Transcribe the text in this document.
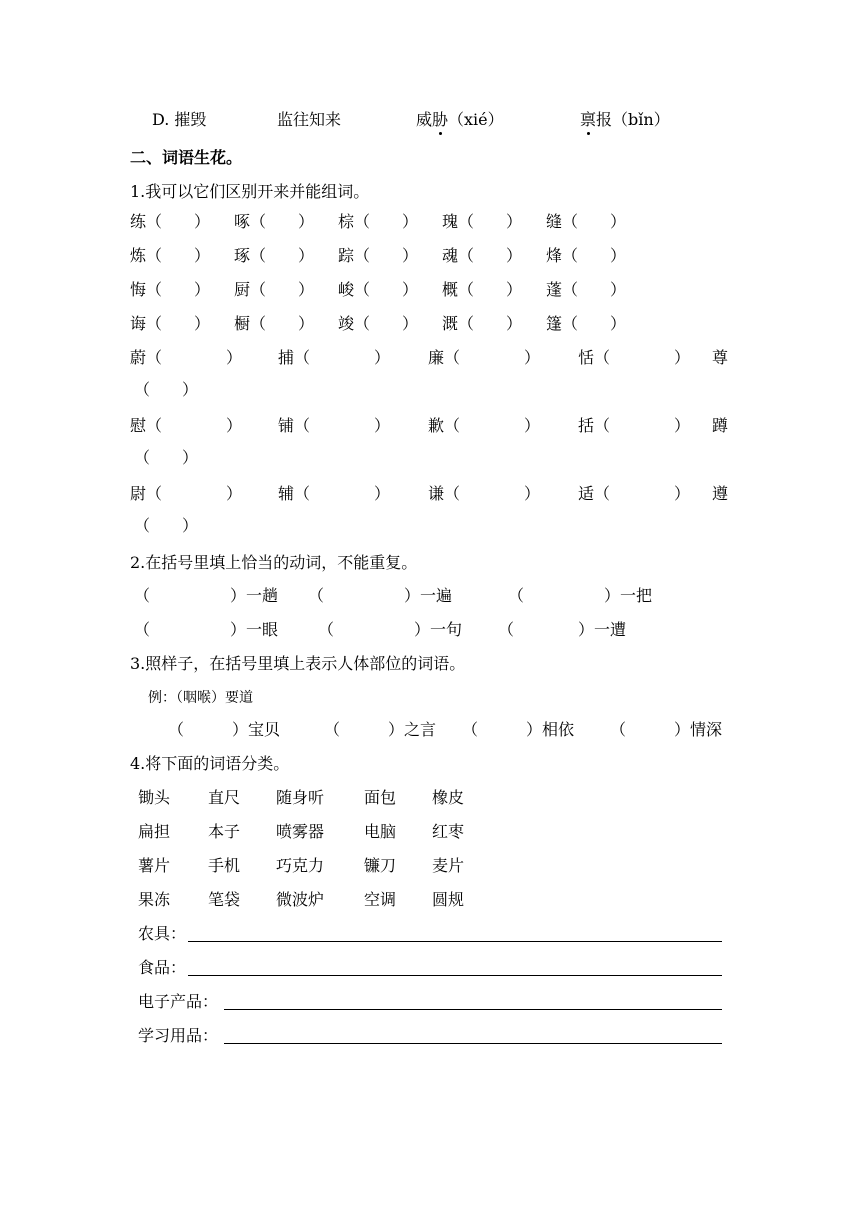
D. 摧毁	监往知来	威胁（xié）	禀报（bǐn）
二、词语生花。
1.我可以它们区别开来并能组词。
练（　　） 啄（　　） 棕（　　） 瑰（　　） 缝（　　）
炼（　　） 琢（　　） 踪（　　） 魂（　　） 烽（　　）
悔（　　） 厨（　　） 峻（　　） 概（　　） 蓬（　　）
诲（　　） 橱（　　） 竣（　　） 溉（　　） 篷（　　）
蔚（　　　　） 捕（　　　　） 廉（　　　　） 恬（　　　　） 尊
（　　）
慰（　　　　） 铺（　　　　） 歉（　　　　） 括（　　　　） 蹲
（　　）
尉（　　　　） 辅（　　　　） 谦（　　　　） 适（　　　　） 遵
（　　）
2.在括号里填上恰当的动词，不能重复。
（　　　　　）一趟 （　　　　　）一遍	（　　　　　）一把
（　　　　　）一眼 （　　　　　）一句 （　　　　）一遭
3.照样子，在括号里填上表示人体部位的词语。
例：（咽喉）要道
（　　　）宝贝	（　　　）之言 （　　　）相依 （　　　）情深
4.将下面的词语分类。
锄头 直尺 随身听 面包 橡皮
扁担 本子 喷雾器 电脑 红枣
薯片 手机 巧克力 镰刀 麦片
果冻 笔袋 微波炉 空调 圆规
农具：
食品：
电子产品：
学习用品：
